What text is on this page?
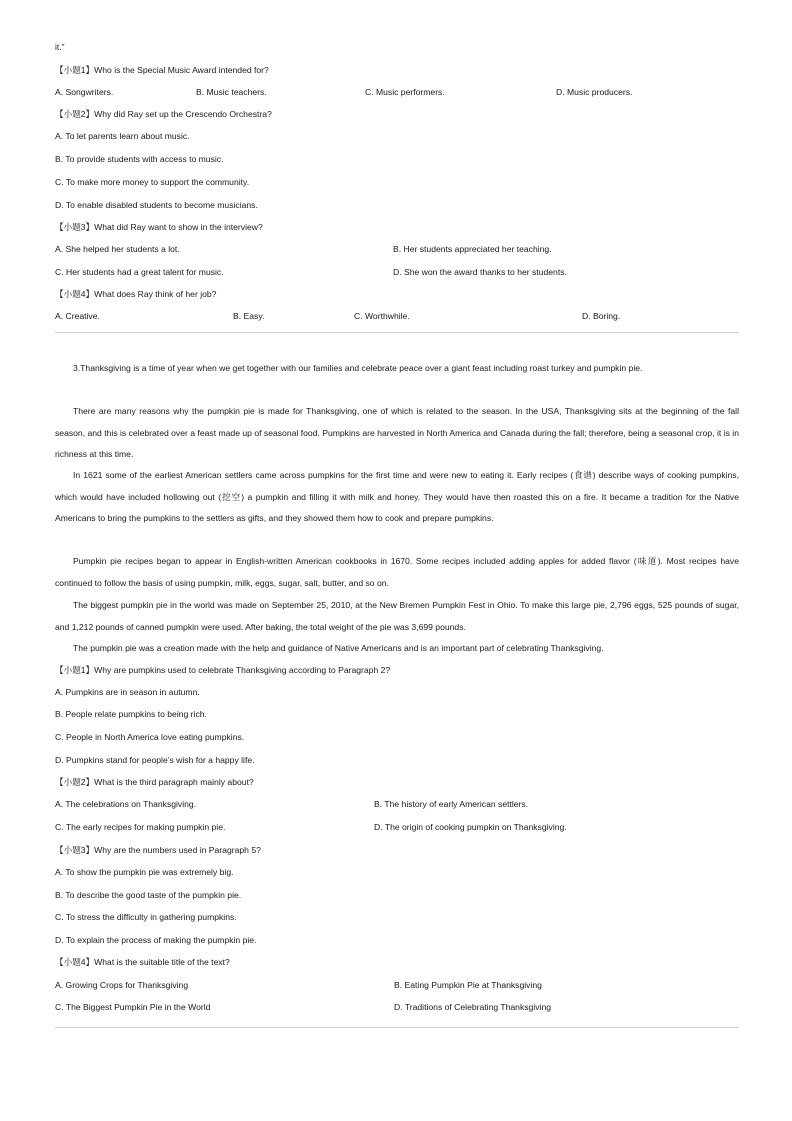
it.”
【小题1】Who is the Special Music Award intended for?
A. Songwriters.	B. Music teachers.	C. Music performers.	D. Music producers.
【小题2】Why did Ray set up the Crescendo Orchestra?
A. To let parents learn about music.
B. To provide students with access to music.
C. To make more money to support the community.
D. To enable disabled students to become musicians.
【小题3】What did Ray want to show in the interview?
A. She helped her students a lot.	B. Her students appreciated her teaching.
C. Her students had a great talent for music.	D. She won the award thanks to her students.
【小题4】What does Ray think of her job?
A. Creative.	B. Easy.	C. Worthwhile.	D. Boring.
3.Thanksgiving is a time of year when we get together with our families and celebrate peace over a giant feast including roast turkey and pumpkin pie.
There are many reasons why the pumpkin pie is made for Thanksgiving, one of which is related to the season. In the USA, Thanksgiving sits at the beginning of the fall season, and this is celebrated over a feast made up of seasonal food. Pumpkins are harvested in North America and Canada during the fall; therefore, being a seasonal crop, it is in richness at this time.
In 1621 some of the earliest American settlers came across pumpkins for the first time and were new to eating it. Early recipes (食谱) describe ways of cooking pumpkins, which would have included hollowing out (挖空) a pumpkin and filling it with milk and honey. They would have then roasted this on a fire. It became a tradition for the Native Americans to bring the pumpkins to the settlers as gifts, and they showed them how to cook and prepare pumpkins.
Pumpkin pie recipes began to appear in English-written American cookbooks in 1670. Some recipes included adding apples for added flavor (味道). Most recipes have continued to follow the basis of using pumpkin, milk, eggs, sugar, salt, butter, and so on.
The biggest pumpkin pie in the world was made on September 25, 2010, at the New Bremen Pumpkin Fest in Ohio. To make this large pie, 2,796 eggs, 525 pounds of sugar, and 1,212 pounds of canned pumpkin were used. After baking, the total weight of the pie was 3,699 pounds.
The pumpkin pie was a creation made with the help and guidance of Native Americans and is an important part of celebrating Thanksgiving.
【小题1】Why are pumpkins used to celebrate Thanksgiving according to Paragraph 2?
A. Pumpkins are in season in autumn.
B. People relate pumpkins to being rich.
C. People in North America love eating pumpkins.
D. Pumpkins stand for people’s wish for a happy life.
【小题2】What is the third paragraph mainly about?
A. The celebrations on Thanksgiving.	B. The history of early American settlers.
C. The early recipes for making pumpkin pie.	D. The origin of cooking pumpkin on Thanksgiving.
【小题3】Why are the numbers used in Paragraph 5?
A. To show the pumpkin pie was extremely big.
B. To describe the good taste of the pumpkin pie.
C. To stress the difficulty in gathering pumpkins.
D. To explain the process of making the pumpkin pie.
【小题4】What is the suitable title of the text?
A. Growing Crops for Thanksgiving	B. Eating Pumpkin Pie at Thanksgiving
C. The Biggest Pumpkin Pie in the World	D. Traditions of Celebrating Thanksgiving
